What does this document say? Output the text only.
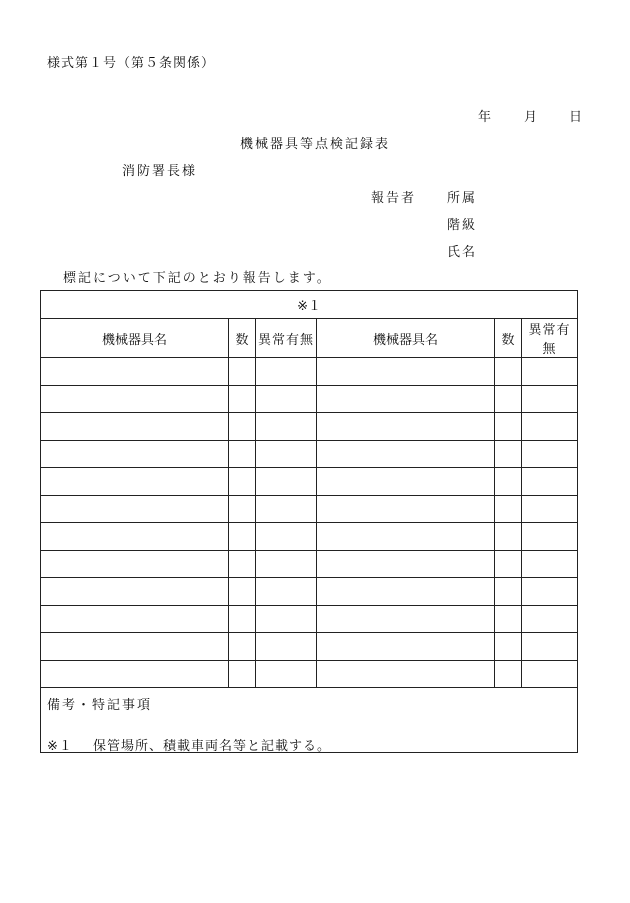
様式第１号（第５条関係）
年 月 日
機械器具等点検記録表
消防署長様
報告者 所属
階級
氏名
標記について下記のとおり報告します。
※１					
機械器具名	数	異常有無	機械器具名	数	異常有無

備考・特記事項					
※１ 保管場所、積載車両名等と記載する。
